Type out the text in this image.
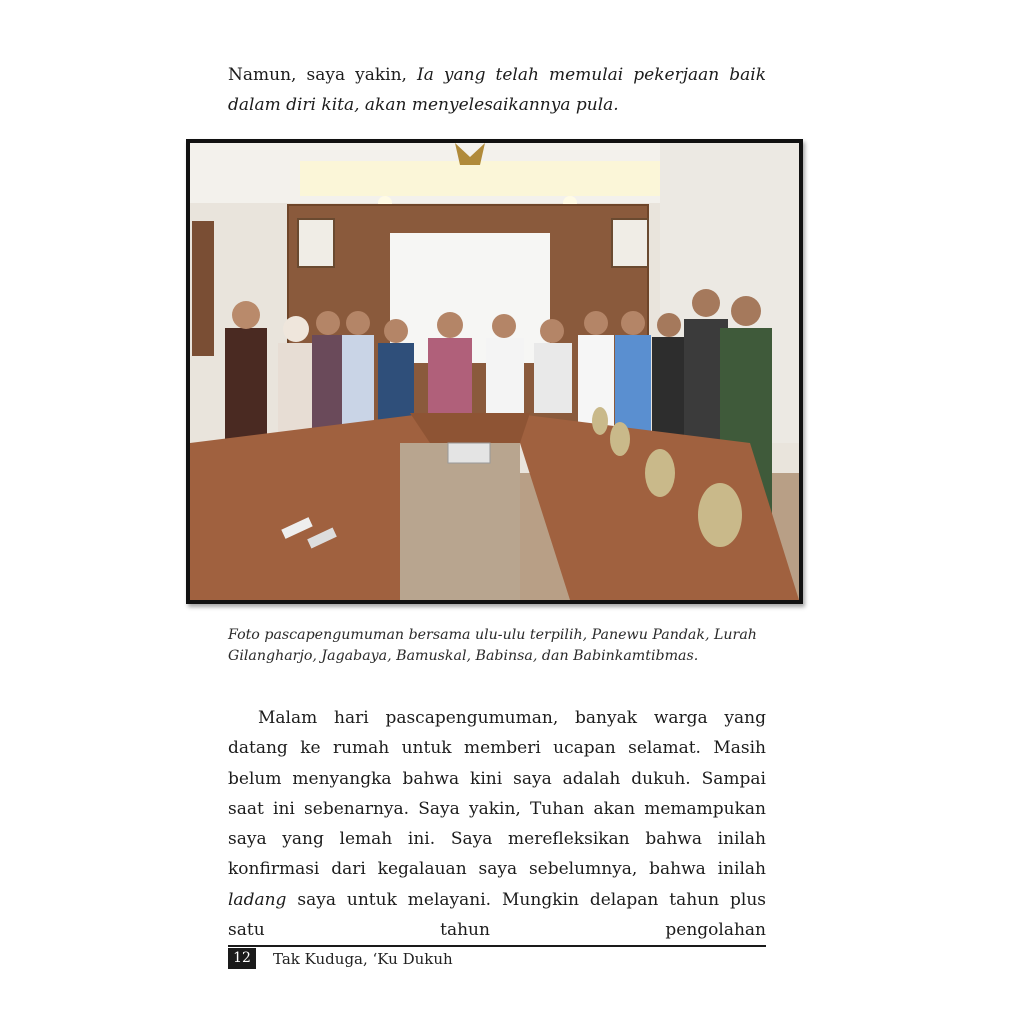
Namun, saya yakin, Ia yang telah memulai pekerjaan baik dalam diri kita, akan menyelesaikannya pula.
Foto pascapengumuman bersama ulu-ulu terpilih, Panewu Pandak, Lurah Gilangharjo, Jagabaya, Bamuskal, Babinsa, dan Babinkamtibmas.

Malam hari pascapengumuman, banyak warga yang datang ke rumah untuk memberi ucapan selamat. Masih belum menyangka bahwa kini saya adalah dukuh. Sampai saat ini sebenarnya. Saya yakin, Tuhan akan memampukan saya yang lemah ini. Saya merefleksikan bahwa inilah konfirmasi dari kegalauan saya sebelumnya, bahwa inilah ladang saya untuk melayani. Mungkin delapan tahun plus satu tahun pengolahan

12	Tak Kuduga, ‘Ku Dukuh
